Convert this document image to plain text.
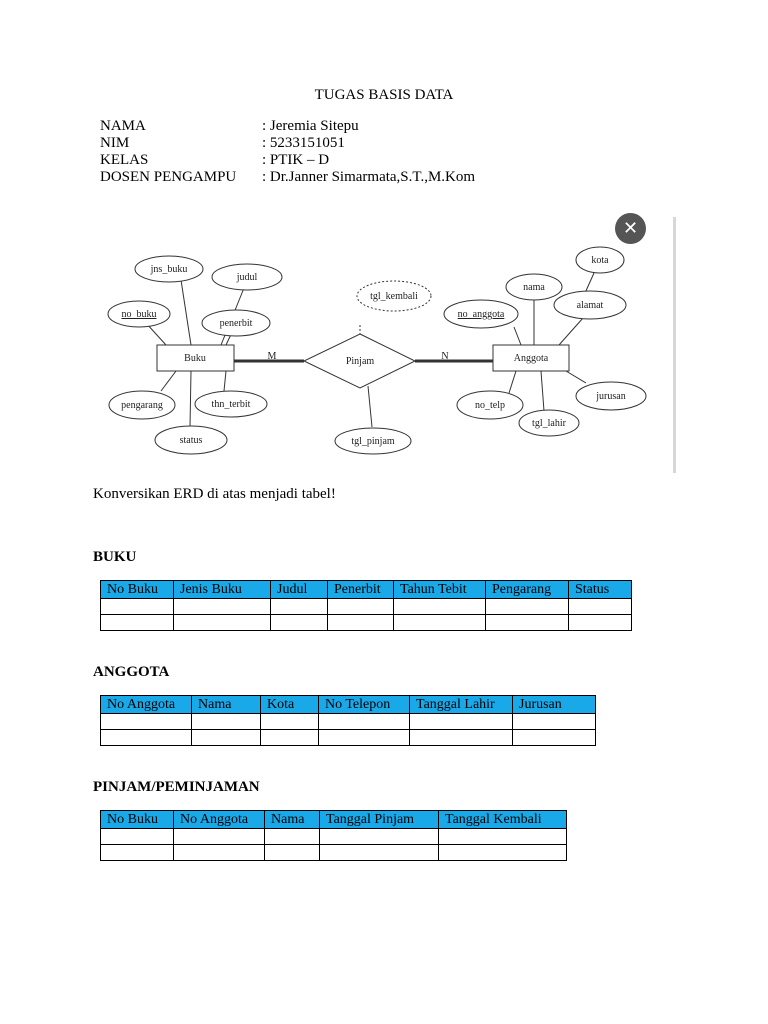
TUGAS BASIS DATA
NAMA	: Jeremia Sitepu
NIM	: 5233151051
KELAS	: PTIK – D
DOSEN PENGAMPU	: Dr.Janner Simarmata,S.T.,M.Kom
jns_buku
judul
no_buku
penerbit
pengarang	thn_terbit
status
Buku	M	Pinjam
tgl_kembali
tgl_pinjam
N	Anggota
kota
nama
alamat
no_anggota
jurusan
no_telp
tgl_lahir
✕
Konversikan ERD di atas menjadi tabel!
BUKU
No Buku	Jenis Buku	Judul	Penerbit	Tahun Tebit	Pengarang	Status

ANGGOTA
No Anggota	Nama	Kota	No Telepon	Tanggal Lahir	Jurusan

PINJAM/PEMINJAMAN
No Buku	No Anggota	Nama	Tanggal Pinjam	Tanggal Kembali
